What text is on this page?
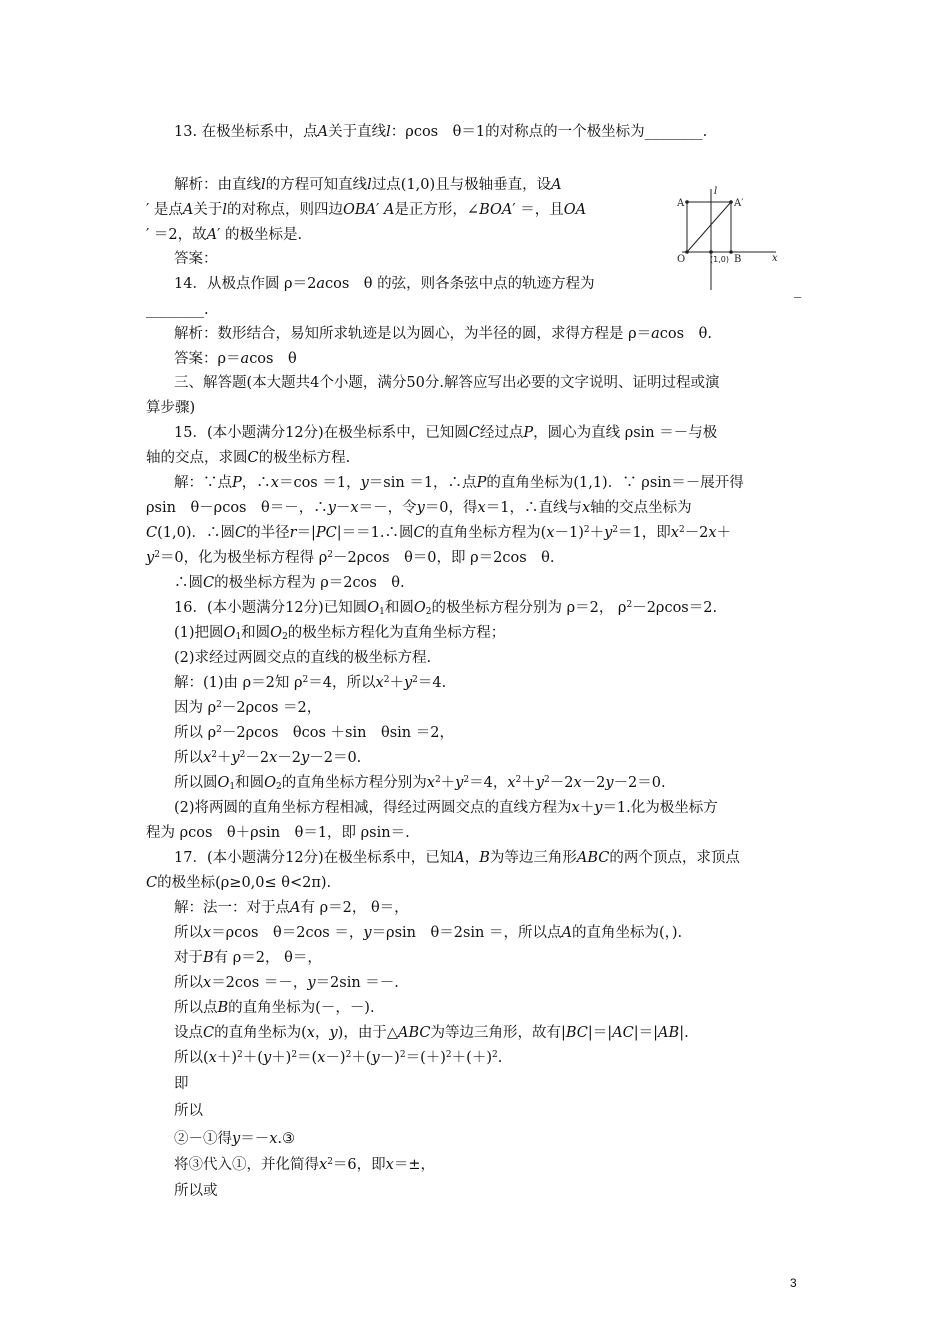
13. 在极坐标系中，点A关于直线l：ρcos　θ＝1的对称点的一个极坐标为________.
解析：由直线l的方程可知直线l过点(1,0)且与极轴垂直，设A
′ 是点A关于l的对称点，则四边OBA′ A是正方形，∠BOA′ ＝，且OA
′ ＝2，故A′ 的极坐标是.
答案：
14．从极点作圆 ρ＝2acos　θ 的弦，则各条弦中点的轨迹方程为	_
________.
解析：数形结合，易知所求轨迹是以为圆心，为半径的圆，求得方程是 ρ＝acos　θ.
答案：ρ＝acos　θ
三、解答题(本大题共4个小题，满分50分.解答应写出必要的文字说明、证明过程或演
算步骤)
15．(本小题满分12分)在极坐标系中，已知圆C经过点P，圆心为直线 ρsin ＝－与极
轴的交点，求圆C的极坐标方程.
解：∵点P，∴x＝cos ＝1，y＝sin ＝1，∴点P的直角坐标为(1,1)．∵ ρsin＝－展开得
ρsin　θ－ρcos　θ＝－，∴y－x＝－，令y＝0，得x＝1，∴直线与x轴的交点坐标为
C(1,0)．∴圆C的半径r＝|PC|＝＝1.∴圆C的直角坐标方程为$(x-1)^2+y^2=1$，即$x^2-2x+$
$y^2=0$，化为极坐标方程得 $\rho^2-2\rho\cos$　θ＝0，即 ρ＝2cos　θ.
∴圆C的极坐标方程为 ρ＝2cos　θ.
16．(本小题满分12分)已知圆$O_1$和圆$O_2$的极坐标方程分别为 ρ＝2， $\rho^2-2\rho\cos=2$.
(1)把圆$O_1$和圆$O_2$的极坐标方程化为直角坐标方程；
(2)求经过两圆交点的直线的极坐标方程.
解：(1)由 ρ＝2知 $\rho^2=4$，所以$x^2+y^2=4$.
因为 $\rho^2-2\rho\cos =2$，
所以 $\rho^2-2\rho\cos$　θcos ＋sin　θsin ＝2，
所以$x^2+y^2-2x-2y-2=0$.
所以圆$O_1$和圆$O_2$的直角坐标方程分别为$x^2+y^2=4$，$x^2+y^2-2x-2y-2=0$.
(2)将两圆的直角坐标方程相减，得经过两圆交点的直线方程为x＋y＝1.化为极坐标方
程为 ρcos　θ＋ρsin　θ＝1，即 ρsin＝.
17．(本小题满分12分)在极坐标系中，已知A，B为等边三角形ABC的两个顶点，求顶点
C的极坐标(ρ≥0,0≤ θ<2π).
解：法一：对于点A有 ρ＝2， θ＝，
所以x＝ρcos　θ＝2cos ＝，y＝ρsin　θ＝2sin ＝，所以点A的直角坐标为(，).
对于B有 ρ＝2， θ＝，
所以x＝2cos ＝－，y＝2sin ＝－.
所以点B的直角坐标为(－，－).
设点C的直角坐标为(x，y)，由于△ABC为等边三角形，故有|BC|＝|AC|＝|AB|.
所以$(x+)^2+(y+)^2=(x-)^2+(y-)^2=(+)^2+(+)^2$.
即
所以
②－①得y＝－x.③
将③代入①，并化简得$x^2=6$，即x＝±，
所以或
l
A	A′
O	(1,0) B	x
3
